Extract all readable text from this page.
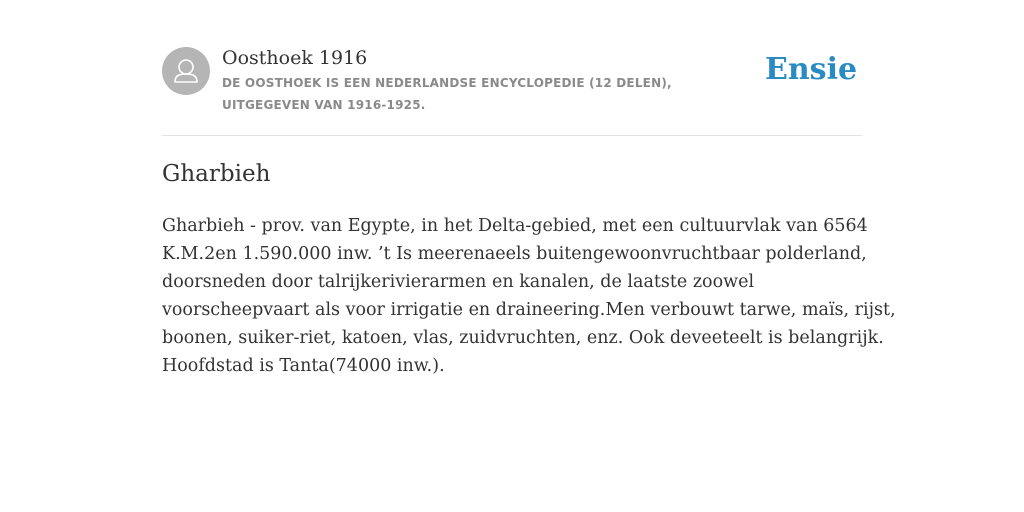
Oosthoek 1916
DE OOSTHOEK IS EEN NEDERLANDSE ENCYCLOPEDIE (12 DELEN), UITGEGEVEN VAN 1916-1925.
Ensie
Gharbieh

Gharbieh - prov. van Egypte, in het Delta-gebied, met een cultuurvlak van 6564
K.M.2en 1.590.000 inw. ’t Is meerenaeels buitengewoonvruchtbaar polderland,
doorsneden door talrijkerivierarmen en kanalen, de laatste zoowel
voorscheepvaart als voor irrigatie en draineering.Men verbouwt tarwe, maïs, rijst,
boonen, suiker-riet, katoen, vlas, zuidvruchten, enz. Ook deveeteelt is belangrijk.
Hoofdstad is Tanta(74000 inw.).
